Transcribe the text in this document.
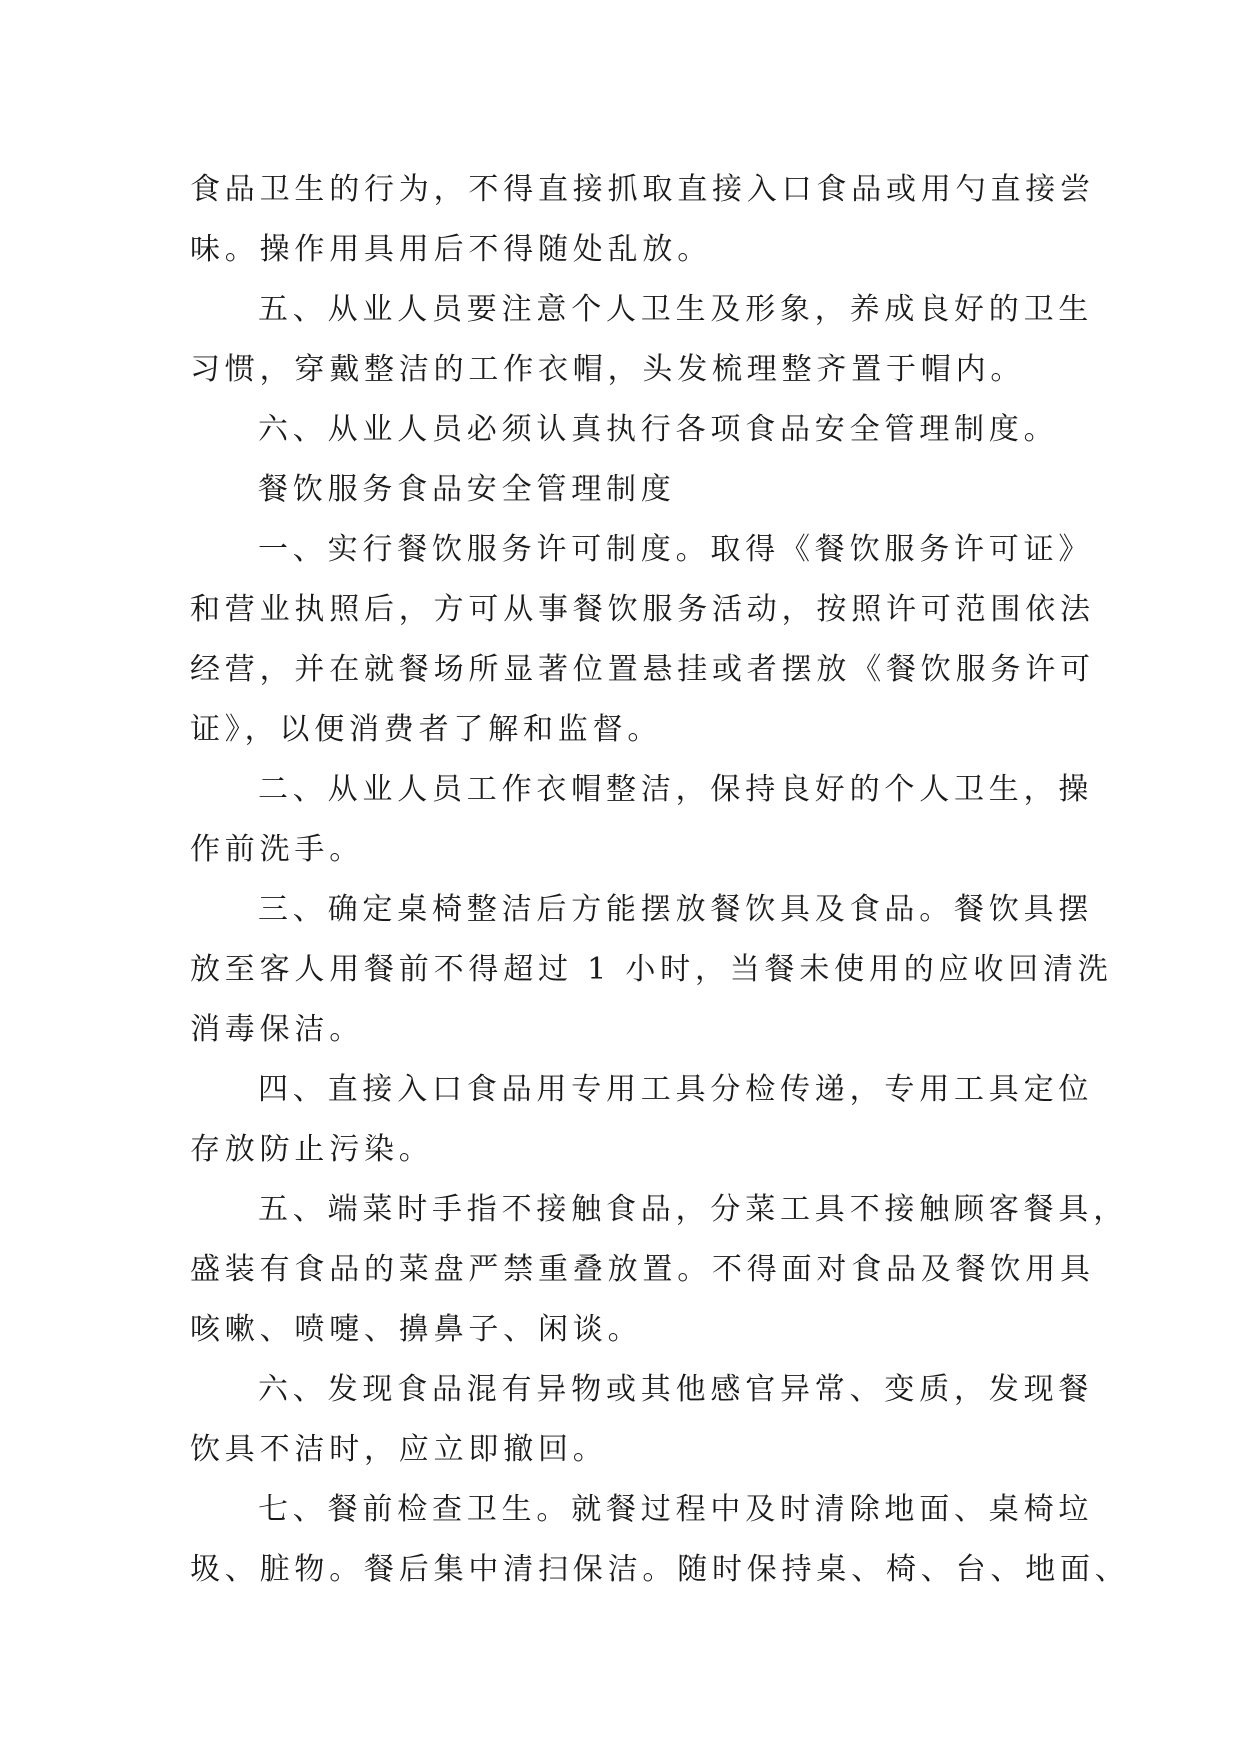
食品卫生的行为，不得直接抓取直接入口食品或用勺直接尝
味。操作用具用后不得随处乱放。
五、从业人员要注意个人卫生及形象，养成良好的卫生
习惯，穿戴整洁的工作衣帽，头发梳理整齐置于帽内。
六、从业人员必须认真执行各项食品安全管理制度。
餐饮服务食品安全管理制度
一、实行餐饮服务许可制度。取得《餐饮服务许可证》
和营业执照后，方可从事餐饮服务活动，按照许可范围依法
经营，并在就餐场所显著位置悬挂或者摆放《餐饮服务许可
证》，以便消费者了解和监督。
二、从业人员工作衣帽整洁，保持良好的个人卫生，操
作前洗手。
三、确定桌椅整洁后方能摆放餐饮具及食品。餐饮具摆
放至客人用餐前不得超过 1 小时，当餐未使用的应收回清洗
消毒保洁。
四、直接入口食品用专用工具分检传递，专用工具定位
存放防止污染。
五、端菜时手指不接触食品，分菜工具不接触顾客餐具，
盛装有食品的菜盘严禁重叠放置。不得面对食品及餐饮用具
咳嗽、喷嚏、擤鼻子、闲谈。
六、发现食品混有异物或其他感官异常、变质，发现餐
饮具不洁时，应立即撤回。
七、餐前检查卫生。就餐过程中及时清除地面、桌椅垃
圾、脏物。餐后集中清扫保洁。随时保持桌、椅、台、地面、
